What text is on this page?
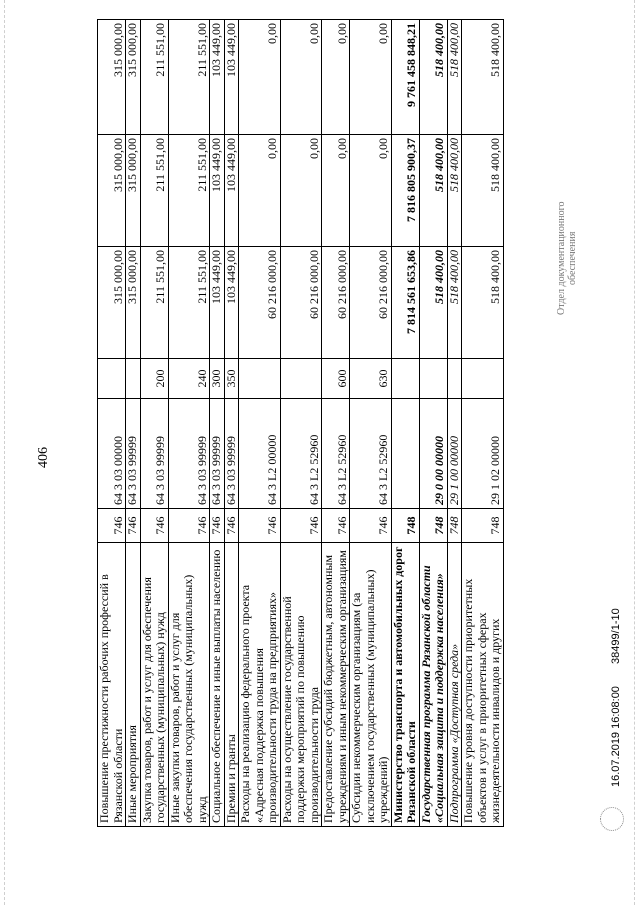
406
Повышение престижности рабочих профессий в Рязанской области	746	64 3 03 00000		315 000,00	315 000,00	315 000,00
Иные мероприятия	746	64 3 03 99999		315 000,00	315 000,00	315 000,00
Закупка товаров, работ и услуг для обеспечения государственных (муниципальных) нужд	746	64 3 03 99999	200	211 551,00	211 551,00	211 551,00
Иные закупки товаров, работ и услуг для обеспечения государственных (муниципальных) нужд	746	64 3 03 99999	240	211 551,00	211 551,00	211 551,00
Социальное обеспечение и иные выплаты населению	746	64 3 03 99999	300	103 449,00	103 449,00	103 449,00
Премии и гранты	746	64 3 03 99999	350	103 449,00	103 449,00	103 449,00
Расходы на реализацию федерального проекта «Адресная поддержка повышения производительности труда на предприятиях»	746	64 3 L2 00000		60 216 000,00	0,00	0,00
Расходы на осуществление государственной поддержки мероприятий по повышению производительности труда	746	64 3 L2 52960		60 216 000,00	0,00	0,00
Предоставление субсидий бюджетным, автономным учреждениям и иным некоммерческим организациям	746	64 3 L2 52960	600	60 216 000,00	0,00	0,00
Субсидии некоммерческим организациям (за исключением государственных (муниципальных) учреждений)	746	64 3 L2 52960	630	60 216 000,00	0,00	0,00
Министерство транспорта и автомобильных дорог Рязанской области	748			7 814 561 653,86	7 816 805 900,37	9 761 458 848,21
Государственная программа Рязанской области «Социальная защита и поддержка населения»	748	29 0 00 00000		518 400,00	518 400,00	518 400,00
Подпрограмма «Доступная среда»	748	29 1 00 00000		518 400,00	518 400,00	518 400,00
Повышение уровня доступности приоритетных объектов и услуг в приоритетных сферах жизнедеятельности инвалидов и других	748	29 1 02 00000		518 400,00	518 400,00	518 400,00
16.07.2019 16:08:00  38499/1-10
Отдел документационного обеспечения
